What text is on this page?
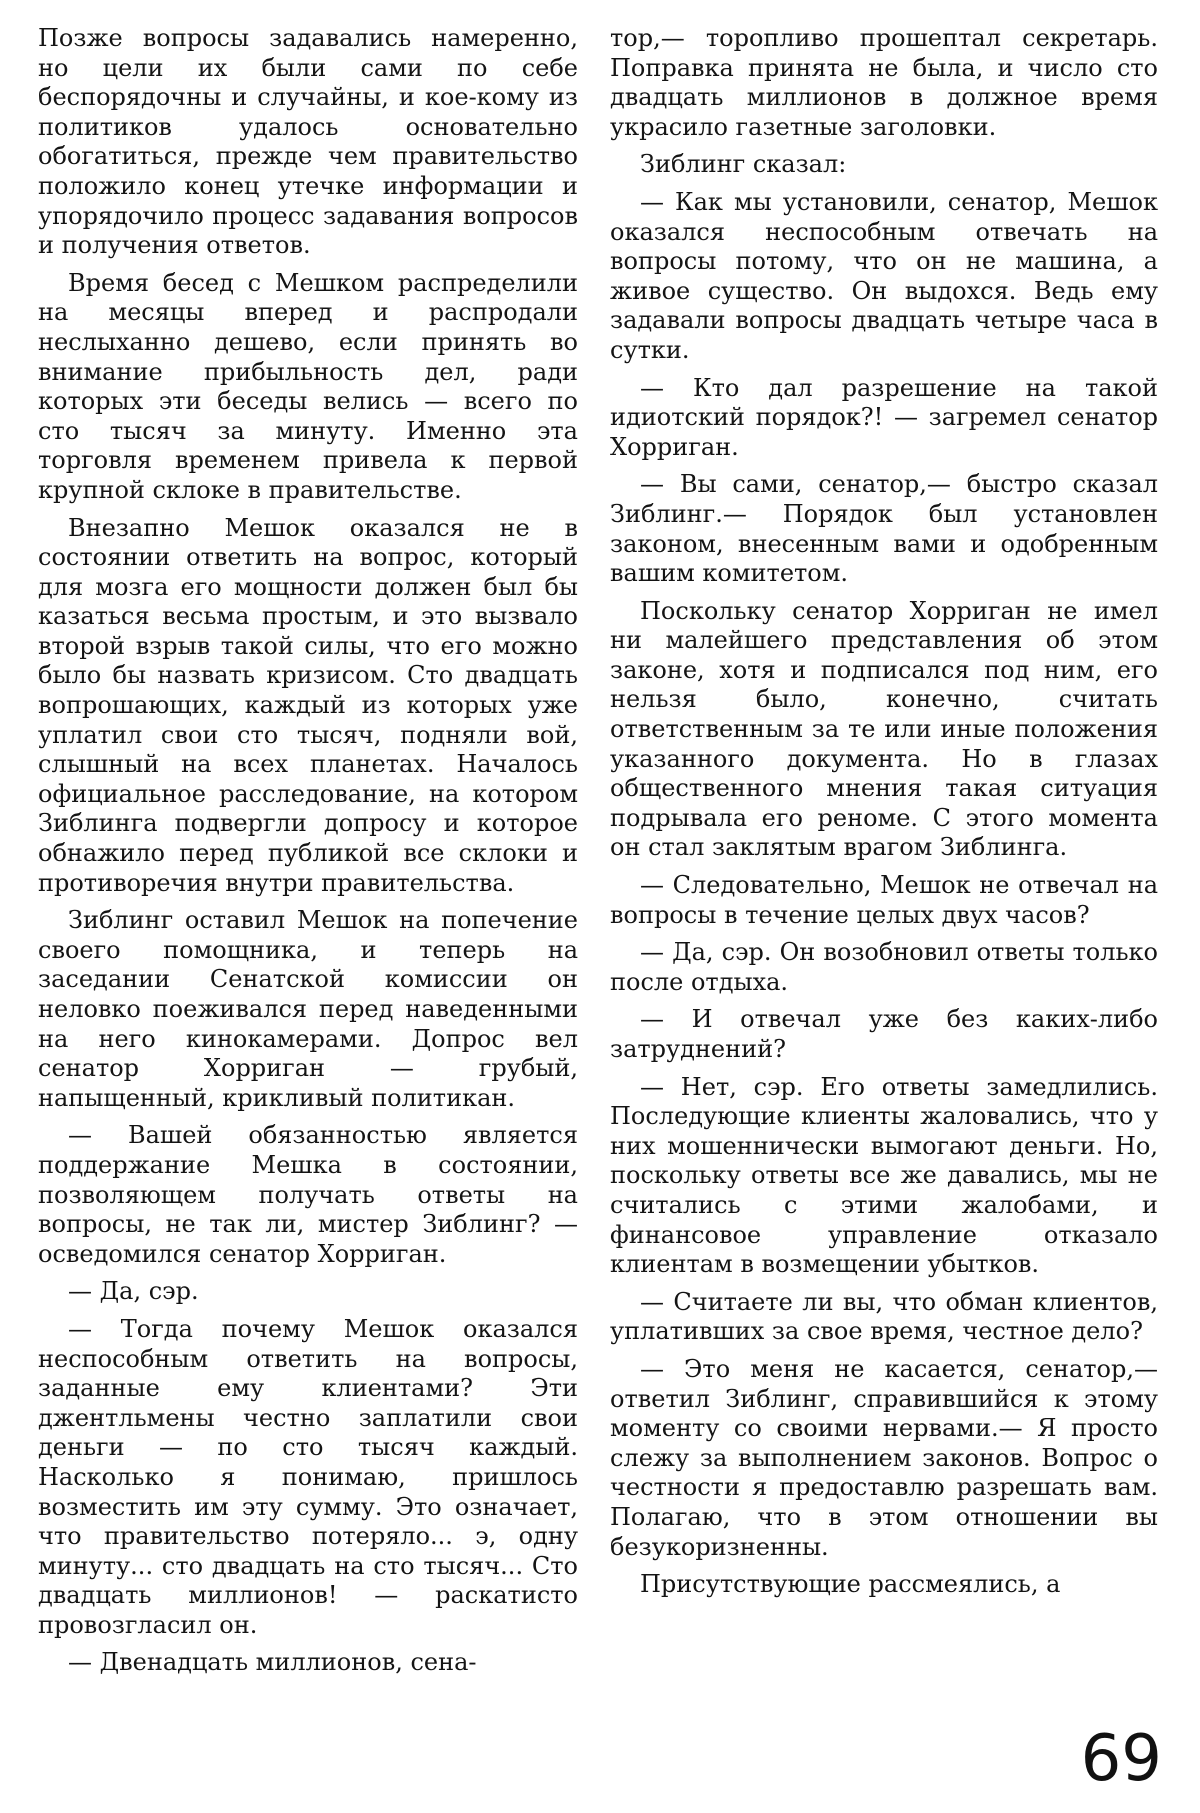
Позже вопросы задавались намеренно, но цели их были сами по себе беспорядочны и случайны, и кое-кому из политиков удалось основательно обогатиться, прежде чем правительство положило конец утечке информации и упорядочило процесс задавания вопросов и получения ответов.

Время бесед с Мешком распределили на месяцы вперед и распродали неслыханно дешево, если принять во внимание прибыльность дел, ради которых эти беседы велись — всего по сто тысяч за минуту. Именно эта торговля временем привела к первой крупной склоке в правительстве.

Внезапно Мешок оказался не в состоянии ответить на вопрос, который для мозга его мощности должен был бы казаться весьма простым, и это вызвало второй взрыв такой силы, что его можно было бы назвать кризисом. Сто двадцать вопрошающих, каждый из которых уже уплатил свои сто тысяч, подняли вой, слышный на всех планетах. Началось официальное расследование, на котором Зиблинга подвергли допросу и которое обнажило перед публикой все склоки и противоречия внутри правительства.

Зиблинг оставил Мешок на попечение своего помощника, и теперь на заседании Сенатской комиссии он неловко поеживался перед наведенными на него кинокамерами. Допрос вел сенатор Хорриган — грубый, напыщенный, крикливый политикан.

— Вашей обязанностью является поддержание Мешка в состоянии, позволяющем получать ответы на вопросы, не так ли, мистер Зиблинг? — осведомился сенатор Хорриган.

— Да, сэр.

— Тогда почему Мешок оказался неспособным ответить на вопросы, заданные ему клиентами? Эти джентльмены честно заплатили свои деньги — по сто тысяч каждый. Насколько я понимаю, пришлось возместить им эту сумму. Это означает, что правительство потеряло... э, одну минуту... сто двадцать на сто тысяч... Сто двадцать миллионов! — раскатисто провозгласил он.

— Двенадцать миллионов, сена-

тор,— торопливо прошептал секретарь. Поправка принята не была, и число сто двадцать миллионов в должное время украсило газетные заголовки.

Зиблинг сказал:

— Как мы установили, сенатор, Мешок оказался неспособным отвечать на вопросы потому, что он не машина, а живое существо. Он выдохся. Ведь ему задавали вопросы двадцать четыре часа в сутки.

— Кто дал разрешение на такой идиотский порядок?! — загремел сенатор Хорриган.

— Вы сами, сенатор,— быстро сказал Зиблинг.— Порядок был установлен законом, внесенным вами и одобренным вашим комитетом.

Поскольку сенатор Хорриган не имел ни малейшего представления об этом законе, хотя и подписался под ним, его нельзя было, конечно, считать ответственным за те или иные положения указанного документа. Но в глазах общественного мнения такая ситуация подрывала его реноме. С этого момента он стал заклятым врагом Зиблинга.

— Следовательно, Мешок не отвечал на вопросы в течение целых двух часов?

— Да, сэр. Он возобновил ответы только после отдыха.

— И отвечал уже без каких-либо затруднений?

— Нет, сэр. Его ответы замедлились. Последующие клиенты жаловались, что у них мошеннически вымогают деньги. Но, поскольку ответы все же давались, мы не считались с этими жалобами, и финансовое управление отказало клиентам в возмещении убытков.

— Считаете ли вы, что обман клиентов, уплативших за свое время, честное дело?

— Это меня не касается, сенатор,— ответил Зиблинг, справившийся к этому моменту со своими нервами.— Я просто слежу за выполнением законов. Вопрос о честности я предоставлю разрешать вам. Полагаю, что в этом отношении вы безукоризненны.

Присутствующие рассмеялись, а

69
